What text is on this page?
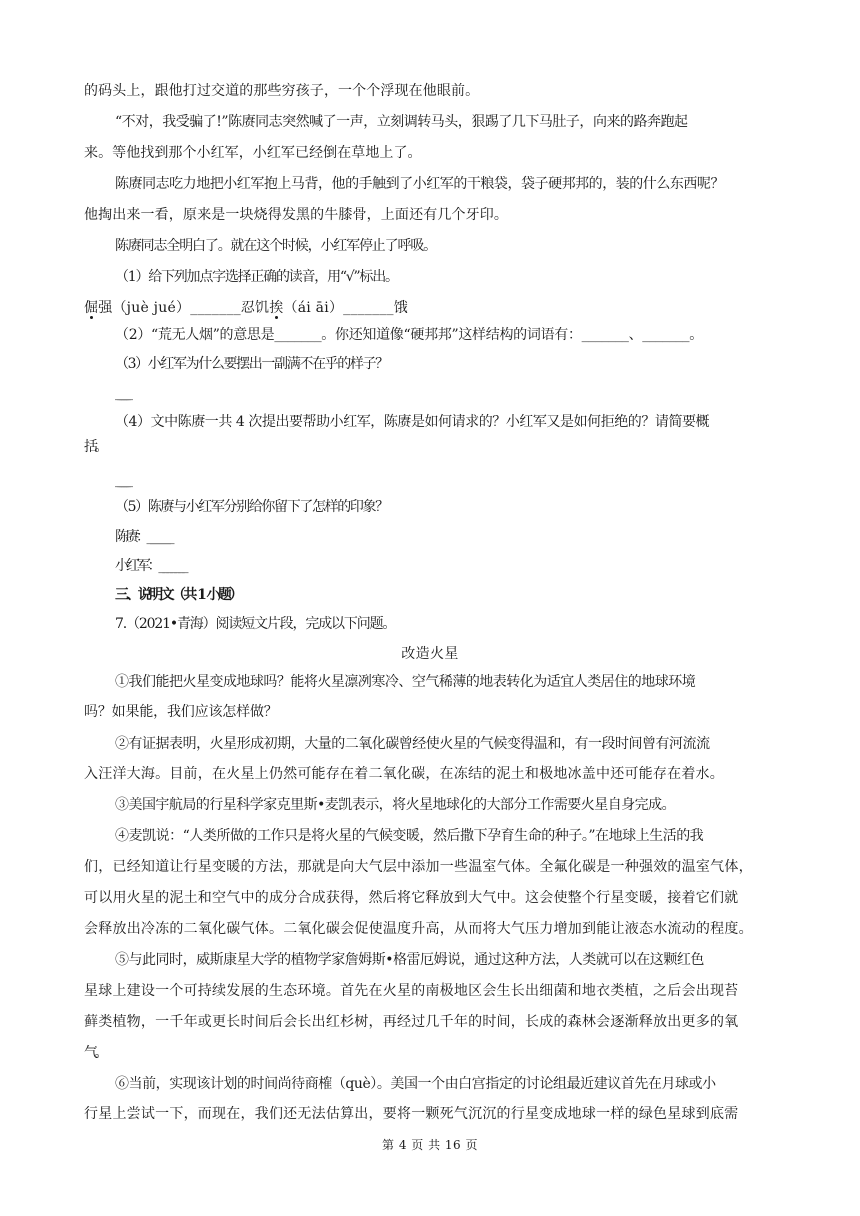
的码头上，跟他打过交道的那些穷孩子，一个个浮现在他眼前。
“不对，我受骗了!”陈赓同志突然喊了一声，立刻调转马头，狠踢了几下马肚子，向来的路奔跑起
来。等他找到那个小红军，小红军已经倒在草地上了。
陈赓同志吃力地把小红军抱上马背，他的手触到了小红军的干粮袋，袋子硬邦邦的，装的什么东西呢？
他掏出来一看，原来是一块烧得发黑的牛膝骨，上面还有几个牙印。
陈赓同志全明白了。就在这个时候，小红军停止了呼吸。
（1）给下列加点字选择正确的读音，用“√”标出。
倔强（juè jué）_______忍饥挨（ái āi）_______饿
（2）“荒无人烟”的意思是_______。你还知道像“硬邦邦”这样结构的词语有：_______、_______。
（3）小红军为什么要摆出一副满不在乎的样子？
_______
（4）文中陈赓一共 4 次提出要帮助小红军，陈赓是如何请求的？小红军又是如何拒绝的？请简要概
括。
_______
（5）陈赓与小红军分别给你留下了怎样的印象？
陈赓：_______
小红军：_______
三、说明文（共 1 小题）
7.（2021•青海）阅读短文片段，完成以下问题。
改造火星
①我们能把火星变成地球吗？能将火星凛冽寒冷、空气稀薄的地表转化为适宜人类居住的地球环境
吗？如果能，我们应该怎样做？
②有证据表明，火星形成初期，大量的二氧化碳曾经使火星的气候变得温和，有一段时间曾有河流流
入汪洋大海。目前，在火星上仍然可能存在着二氧化碳，在冻结的泥土和极地冰盖中还可能存在着水。
③美国宇航局的行星科学家克里斯•麦凯表示，将火星地球化的大部分工作需要火星自身完成。
④麦凯说：“人类所做的工作只是将火星的气候变暖，然后撒下孕育生命的种子。”在地球上生活的我
们，已经知道让行星变暖的方法，那就是向大气层中添加一些温室气体。全氟化碳是一种强效的温室气体，
可以用火星的泥土和空气中的成分合成获得，然后将它释放到大气中。这会使整个行星变暖，接着它们就
会释放出冷冻的二氧化碳气体。二氧化碳会促使温度升高，从而将大气压力增加到能让液态水流动的程度。
⑤与此同时，威斯康星大学的植物学家詹姆斯•格雷厄姆说，通过这种方法，人类就可以在这颗红色
星球上建设一个可持续发展的生态环境。首先在火星的南极地区会生长出细菌和地衣类植，之后会出现苔
藓类植物，一千年或更长时间后会长出红杉树，再经过几千年的时间，长成的森林会逐渐释放出更多的氧
气。
⑥当前，实现该计划的时间尚待商榷（què）。美国一个由白宫指定的讨论组最近建议首先在月球或小
行星上尝试一下，而现在，我们还无法估算出，要将一颗死气沉沉的行星变成地球一样的绿色星球到底需
第 4 页 共 16 页
